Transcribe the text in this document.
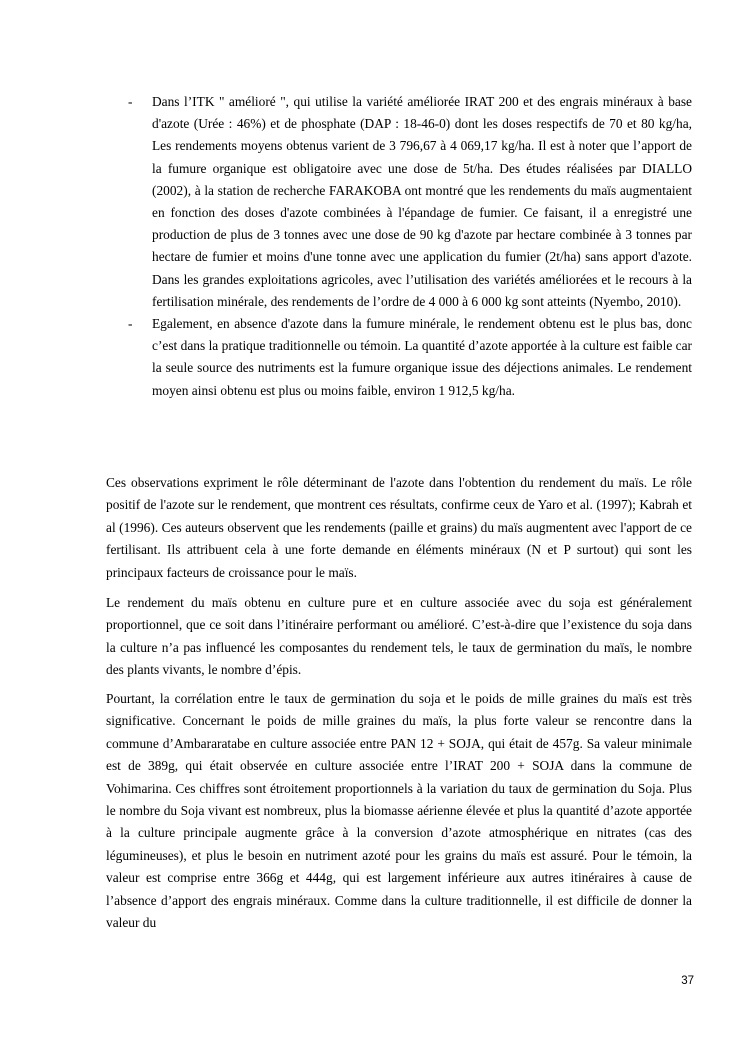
- Dans l’ITK " amélioré ", qui utilise la variété améliorée IRAT 200 et des engrais minéraux à base d'azote (Urée : 46%) et de phosphate (DAP : 18-46-0) dont les doses respectifs de 70 et 80 kg/ha, Les rendements moyens obtenus varient de 3 796,67 à 4 069,17 kg/ha. Il est à noter que l’apport de la fumure organique est obligatoire avec une dose de 5t/ha. Des études réalisées par DIALLO (2002), à la station de recherche FARAKOBA ont montré que les rendements du maïs augmentaient en fonction des doses d'azote combinées à l'épandage de fumier. Ce faisant, il a enregistré une production de plus de 3 tonnes avec une dose de 90 kg d'azote par hectare combinée à 3 tonnes par hectare de fumier et moins d'une tonne avec une application du fumier (2t/ha) sans apport d'azote. Dans les grandes exploitations agricoles, avec l’utilisation des variétés améliorées et le recours à la fertilisation minérale, des rendements de l’ordre de 4 000 à 6 000 kg sont atteints (Nyembo, 2010).
- Egalement, en absence d'azote dans la fumure minérale, le rendement obtenu est le plus bas, donc c’est dans la pratique traditionnelle ou témoin. La quantité d’azote apportée à la culture est faible car la seule source des nutriments est la fumure organique issue des déjections animales. Le rendement moyen ainsi obtenu est plus ou moins faible, environ 1 912,5 kg/ha.

Ces observations expriment le rôle déterminant de l'azote dans l'obtention du rendement du maïs. Le rôle positif de l'azote sur le rendement, que montrent ces résultats, confirme ceux de Yaro et al. (1997); Kabrah et al (1996). Ces auteurs observent que les rendements (paille et grains) du maïs augmentent avec l'apport de ce fertilisant. Ils attribuent cela à une forte demande en éléments minéraux (N et P surtout) qui sont les principaux facteurs de croissance pour le maïs.

Le rendement du maïs obtenu en culture pure et en culture associée avec du soja est généralement proportionnel, que ce soit dans l’itinéraire performant ou amélioré. C’est-à-dire que l’existence du soja dans la culture n’a pas influencé les composantes du rendement tels, le taux de germination du maïs, le nombre des plants vivants, le nombre d’épis.

Pourtant, la corrélation entre le taux de germination du soja et le poids de mille graines du maïs est très significative. Concernant le poids de mille graines du maïs, la plus forte valeur se rencontre dans la commune d’Ambararatabe en culture associée entre PAN 12 + SOJA, qui était de 457g. Sa valeur minimale est de 389g, qui était observée en culture associée entre l’IRAT 200 + SOJA dans la commune de Vohimarina. Ces chiffres sont étroitement proportionnels à la variation du taux de germination du Soja. Plus le nombre du Soja vivant est nombreux, plus la biomasse aérienne élevée et plus la quantité d’azote apportée à la culture principale augmente grâce à la conversion d’azote atmosphérique en nitrates (cas des légumineuses), et plus le besoin en nutriment azoté pour les grains du maïs est assuré. Pour le témoin, la valeur est comprise entre 366g et 444g, qui est largement inférieure aux autres itinéraires à cause de l’absence d’apport des engrais minéraux. Comme dans la culture traditionnelle, il est difficile de donner la valeur du

37
